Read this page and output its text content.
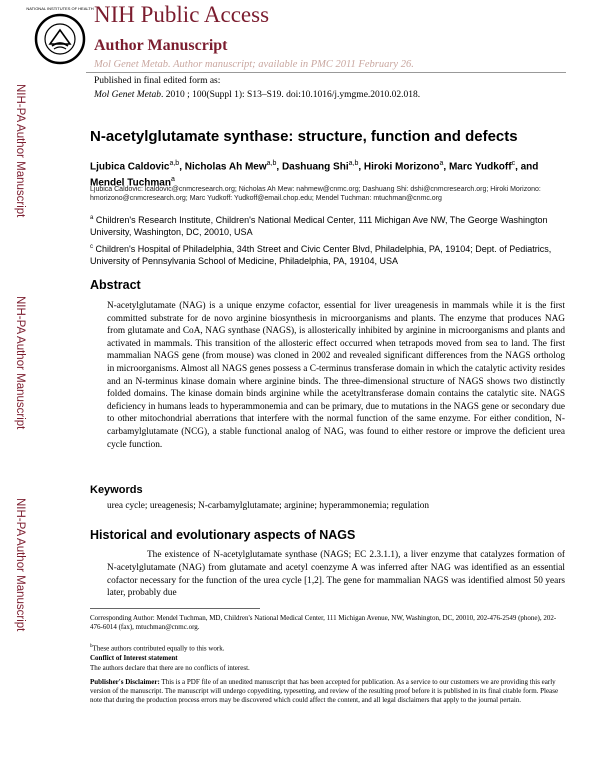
NATIONAL INSTITUTES OF HEALTH NIH Public Access
Author Manuscript
Mol Genet Metab. Author manuscript; available in PMC 2011 February 26.
Published in final edited form as:
Mol Genet Metab. 2010 ; 100(Suppl 1): S13–S19. doi:10.1016/j.ymgme.2010.02.018.
NIH-PA Author Manuscript
NIH-PA Author Manuscript
NIH-PA Author Manuscript
N-acetylglutamate synthase: structure, function and defects
Ljubica Caldovic$^{a,b}$, Nicholas Ah Mew$^{a,b}$, Dashuang Shi$^{a,b}$, Hiroki Morizono$^a$, Marc Yudkoff$^c$, and Mendel Tuchman$^a$
Ljubica Caldovic: lcaldovic@cnmcresearch.org; Nicholas Ah Mew: nahmew@cnmc.org; Dashuang Shi: dshi@cnmcresearch.org; Hiroki Morizono: hmorizono@cnmcresearch.org; Marc Yudkoff: Yudkoff@email.chop.edu; Mendel Tuchman: mtuchman@cnmc.org
$^a$ Children's Research Institute, Children's National Medical Center, 111 Michigan Ave NW, The George Washington University, Washington, DC, 20010, USA
$^c$ Children's Hospital of Philadelphia, 34th Street and Civic Center Blvd, Philadelphia, PA, 19104; Dept. of Pediatrics, University of Pennsylvania School of Medicine, Philadelphia, PA, 19104, USA
Abstract
N-acetylglutamate (NAG) is a unique enzyme cofactor, essential for liver ureagenesis in mammals while it is the first committed substrate for de novo arginine biosynthesis in microorganisms and plants. The enzyme that produces NAG from glutamate and CoA, NAG synthase (NAGS), is allosterically inhibited by arginine in microorganisms and plants and activated in mammals. This transition of the allosteric effect occurred when tetrapods moved from sea to land. The first mammalian NAGS gene (from mouse) was cloned in 2002 and revealed significant differences from the NAGS ortholog in microorganisms. Almost all NAGS genes possess a C-terminus transferase domain in which the catalytic activity resides and an N-terminus kinase domain where arginine binds. The three-dimensional structure of NAGS shows two distinctly folded domains. The kinase domain binds arginine while the acetyltransferase domain contains the catalytic site. NAGS deficiency in humans leads to hyperammonemia and can be primary, due to mutations in the NAGS gene or secondary due to other mitochondrial aberrations that interfere with the normal function of the same enzyme. For either condition, N-carbamylglutamate (NCG), a stable functional analog of NAG, was found to either restore or improve the deficient urea cycle function.
Keywords
urea cycle; ureagenesis; N-carbamylglutamate; arginine; hyperammonemia; regulation
Historical and evolutionary aspects of NAGS
The existence of N-acetylglutamate synthase (NAGS; EC 2.3.1.1), a liver enzyme that catalyzes formation of N-acetylglutamate (NAG) from glutamate and acetyl coenzyme A was inferred after NAG was identified as an essential cofactor necessary for the function of the urea cycle [1,2]. The gene for mammalian NAGS was identified almost 50 years later, probably due
Corresponding Author: Mendel Tuchman, MD, Children's National Medical Center, 111 Michigan Avenue, NW, Washington, DC, 20010, 202-476-2549 (phone), 202-476-6014 (fax), mtuchman@cnmc.org.
$^b$These authors contributed equally to this work.
Conflict of Interest statement
The authors declare that there are no conflicts of interest.
Publisher's Disclaimer: This is a PDF file of an unedited manuscript that has been accepted for publication. As a service to our customers we are providing this early version of the manuscript. The manuscript will undergo copyediting, typesetting, and review of the resulting proof before it is published in its final citable form. Please note that during the production process errors may be discovered which could affect the content, and all legal disclaimers that apply to the journal pertain.
